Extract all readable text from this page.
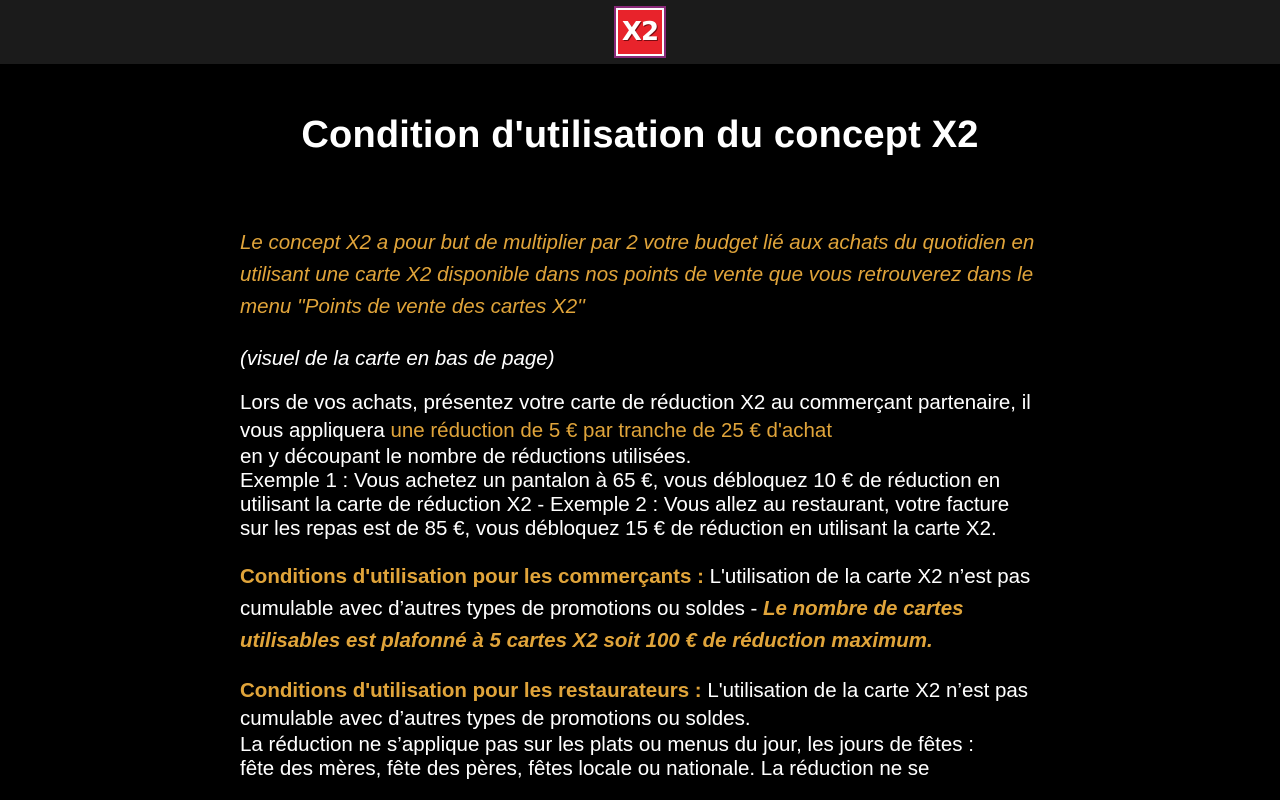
X2
Condition d'utilisation du concept X2

Le concept X2 a pour but de multiplier par 2 votre budget lié aux achats du quotidien en utilisant une carte X2 disponible dans nos points de vente que vous retrouverez dans le menu ''Points de vente des cartes X2''

(visuel de la carte en bas de page)

Lors de vos achats, présentez votre carte de réduction X2 au commerçant partenaire, il vous appliquera une réduction de 5 € par tranche de 25 € d'achat
en y découpant le nombre de réductions utilisées.
Exemple 1 : Vous achetez un pantalon à 65 €, vous débloquez 10 € de réduction en utilisant la carte de réduction X2 - Exemple 2 : Vous allez au restaurant, votre facture sur les repas est de 85 €, vous débloquez 15 € de réduction en utilisant la carte X2.

Conditions d'utilisation pour les commerçants : L'utilisation de la carte X2 n’est pas cumulable avec d’autres types de promotions ou soldes - Le nombre de cartes utilisables est plafonné à 5 cartes X2 soit 100 € de réduction maximum.

Conditions d'utilisation pour les restaurateurs : L'utilisation de la carte X2 n’est pas cumulable avec d’autres types de promotions ou soldes.
La réduction ne s’applique pas sur les plats ou menus du jour, les jours de fêtes :
fête des mères, fête des pères, fêtes locale ou nationale. La réduction ne se
